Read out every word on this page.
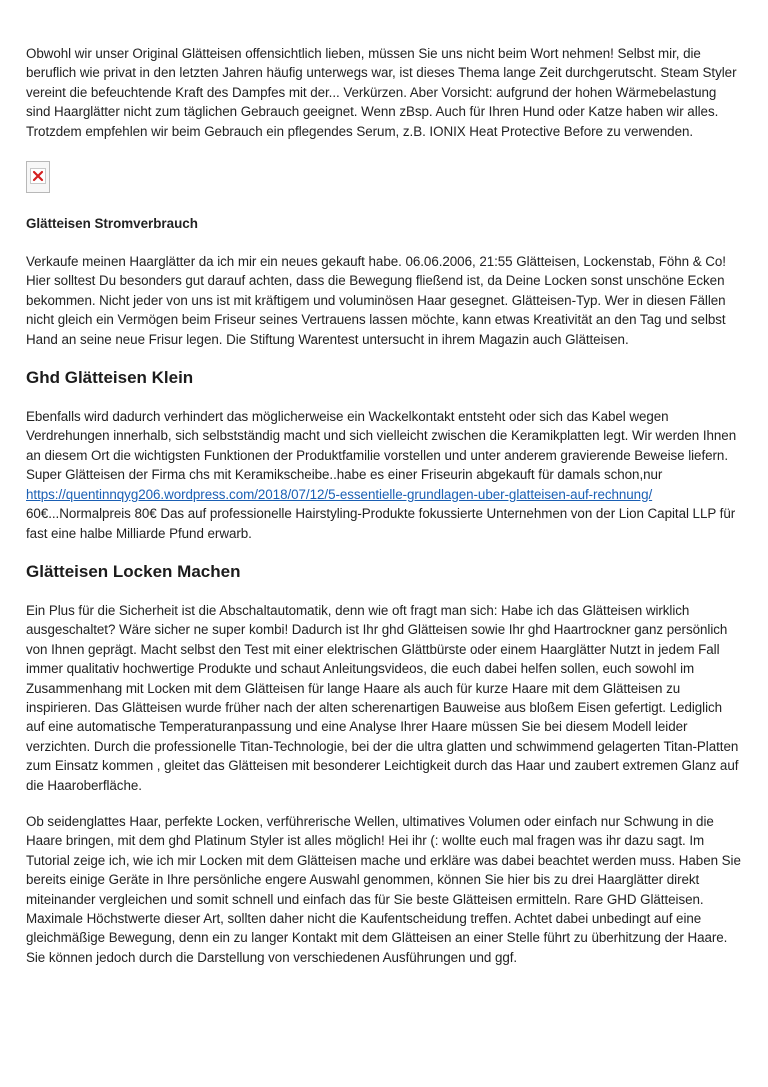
Obwohl wir unser Original Glätteisen offensichtlich lieben, müssen Sie uns nicht beim Wort nehmen! Selbst mir, die beruflich wie privat in den letzten Jahren häufig unterwegs war, ist dieses Thema lange Zeit durchgerutscht. Steam Styler vereint die befeuchtende Kraft des Dampfes mit der... Verkürzen. Aber Vorsicht: aufgrund der hohen Wärmebelastung sind Haarglätter nicht zum täglichen Gebrauch geeignet. Wenn zBsp. Auch für Ihren Hund oder Katze haben wir alles. Trotzdem empfehlen wir beim Gebrauch ein pflegendes Serum, z.B. IONIX Heat Protective Before zu verwenden.

Glätteisen Stromverbrauch

Verkaufe meinen Haarglätter da ich mir ein neues gekauft habe. 06.06.2006, 21:55 Glätteisen, Lockenstab, Föhn & Co! Hier solltest Du besonders gut darauf achten, dass die Bewegung fließend ist, da Deine Locken sonst unschöne Ecken bekommen. Nicht jeder von uns ist mit kräftigem und voluminösen Haar gesegnet. Glätteisen-Typ. Wer in diesen Fällen nicht gleich ein Vermögen beim Friseur seines Vertrauens lassen möchte, kann etwas Kreativität an den Tag und selbst Hand an seine neue Frisur legen. Die Stiftung Warentest untersucht in ihrem Magazin auch Glätteisen.

Ghd Glätteisen Klein

Ebenfalls wird dadurch verhindert das möglicherweise ein Wackelkontakt entsteht oder sich das Kabel wegen Verdrehungen innerhalb, sich selbstständig macht und sich vielleicht zwischen die Keramikplatten legt. Wir werden Ihnen an diesem Ort die wichtigsten Funktionen der Produktfamilie vorstellen und unter anderem gravierende Beweise liefern. Super Glätteisen der Firma chs mit Keramikscheibe..habe es einer Friseurin abgekauft für damals schon,nur https://quentinnqyg206.wordpress.com/2018/07/12/5-essentielle-grundlagen-uber-glatteisen-auf-rechnung/ 60€...Normalpreis 80€ Das auf professionelle Hairstyling-Produkte fokussierte Unternehmen von der Lion Capital LLP für fast eine halbe Milliarde Pfund erwarb.

Glätteisen Locken Machen

Ein Plus für die Sicherheit ist die Abschaltautomatik, denn wie oft fragt man sich: Habe ich das Glätteisen wirklich ausgeschaltet? Wäre sicher ne super kombi! Dadurch ist Ihr ghd Glätteisen sowie Ihr ghd Haartrockner ganz persönlich von Ihnen geprägt. Macht selbst den Test mit einer elektrischen Glättbürste oder einem Haarglätter Nutzt in jedem Fall immer qualitativ hochwertige Produkte und schaut Anleitungsvideos, die euch dabei helfen sollen, euch sowohl im Zusammenhang mit Locken mit dem Glätteisen für lange Haare als auch für kurze Haare mit dem Glätteisen zu inspirieren. Das Glätteisen wurde früher nach der alten scherenartigen Bauweise aus bloßem Eisen gefertigt. Lediglich auf eine automatische Temperaturanpassung und eine Analyse Ihrer Haare müssen Sie bei diesem Modell leider verzichten. Durch die professionelle Titan-Technologie, bei der die ultra glatten und schwimmend gelagerten Titan-Platten zum Einsatz kommen , gleitet das Glätteisen mit besonderer Leichtigkeit durch das Haar und zaubert extremen Glanz auf die Haaroberfläche.

Ob seidenglattes Haar, perfekte Locken, verführerische Wellen, ultimatives Volumen oder einfach nur Schwung in die Haare bringen, mit dem ghd Platinum Styler ist alles möglich! Hei ihr (: wollte euch mal fragen was ihr dazu sagt. Im Tutorial zeige ich, wie ich mir Locken mit dem Glätteisen mache und erkläre was dabei beachtet werden muss. Haben Sie bereits einige Geräte in Ihre persönliche engere Auswahl genommen, können Sie hier bis zu drei Haarglätter direkt miteinander vergleichen und somit schnell und einfach das für Sie beste Glätteisen ermitteln. Rare GHD Glätteisen. Maximale Höchstwerte dieser Art, sollten daher nicht die Kaufentscheidung treffen. Achtet dabei unbedingt auf eine gleichmäßige Bewegung, denn ein zu langer Kontakt mit dem Glätteisen an einer Stelle führt zu überhitzung der Haare. Sie können jedoch durch die Darstellung von verschiedenen Ausführungen und ggf.
